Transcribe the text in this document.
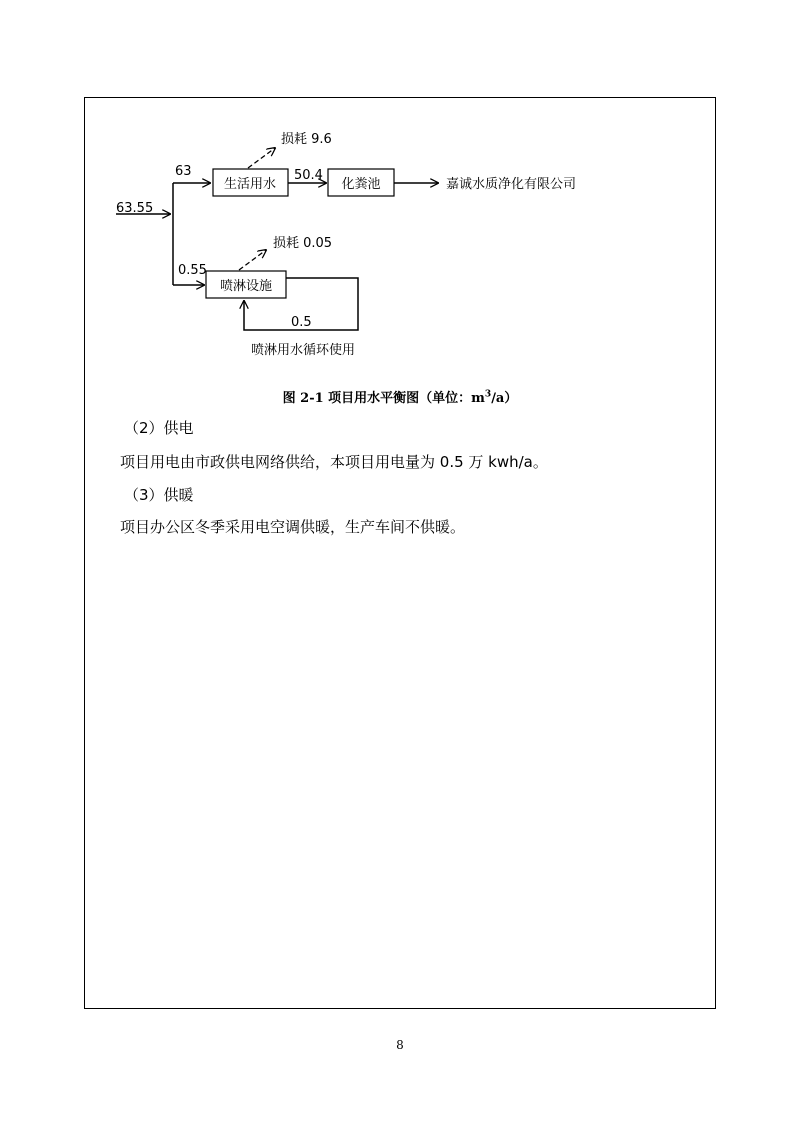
63.55
63
生活用水
损耗 9.6
50.4
化粪池	嘉诚水质净化有限公司
0.55
喷淋设施
损耗 0.05
0.5
喷淋用水循环使用
图 2-1 项目用水平衡图（单位：$m^3/a$）
（2）供电
项目用电由市政供电网络供给，本项目用电量为 0.5 万 kwh/a。
（3）供暖
项目办公区冬季采用电空调供暖，生产车间不供暖。
8
